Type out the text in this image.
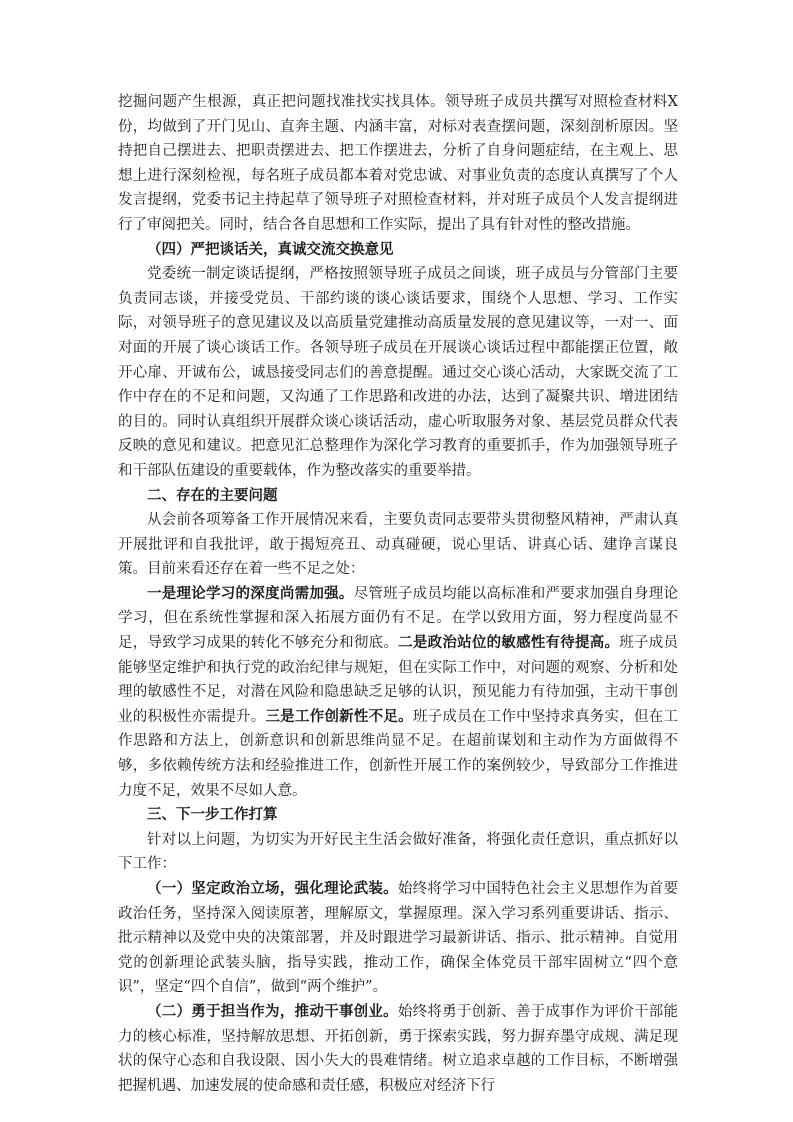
挖掘问题产生根源，真正把问题找准找实找具体。领导班子成员共撰写对照检查材料X份，均做到了开门见山、直奔主题、内涵丰富，对标对表查摆问题，深刻剖析原因。坚持把自己摆进去、把职责摆进去、把工作摆进去，分析了自身问题症结，在主观上、思想上进行深刻检视，每名班子成员都本着对党忠诚、对事业负责的态度认真撰写了个人发言提纲，党委书记主持起草了领导班子对照检查材料，并对班子成员个人发言提纲进行了审阅把关。同时，结合各自思想和工作实际，提出了具有针对性的整改措施。

（四）严把谈话关，真诚交流交换意见

党委统一制定谈话提纲，严格按照领导班子成员之间谈，班子成员与分管部门主要负责同志谈，并接受党员、干部约谈的谈心谈话要求，围绕个人思想、学习、工作实际，对领导班子的意见建议及以高质量党建推动高质量发展的意见建议等，一对一、面对面的开展了谈心谈话工作。各领导班子成员在开展谈心谈话过程中都能摆正位置，敞开心扉、开诚布公，诚恳接受同志们的善意提醒。通过交心谈心活动，大家既交流了工作中存在的不足和问题，又沟通了工作思路和改进的办法，达到了凝聚共识、增进团结的目的。同时认真组织开展群众谈心谈话活动，虚心听取服务对象、基层党员群众代表反映的意见和建议。把意见汇总整理作为深化学习教育的重要抓手，作为加强领导班子和干部队伍建设的重要载体，作为整改落实的重要举措。

二、存在的主要问题

从会前各项筹备工作开展情况来看，主要负责同志要带头贯彻整风精神，严肃认真开展批评和自我批评，敢于揭短亮丑、动真碰硬，说心里话、讲真心话、建诤言谋良策。目前来看还存在着一些不足之处：

一是理论学习的深度尚需加强。尽管班子成员均能以高标准和严要求加强自身理论学习，但在系统性掌握和深入拓展方面仍有不足。在学以致用方面，努力程度尚显不足，导致学习成果的转化不够充分和彻底。二是政治站位的敏感性有待提高。班子成员能够坚定维护和执行党的政治纪律与规矩，但在实际工作中，对问题的观察、分析和处理的敏感性不足，对潜在风险和隐患缺乏足够的认识，预见能力有待加强，主动干事创业的积极性亦需提升。三是工作创新性不足。班子成员在工作中坚持求真务实，但在工作思路和方法上，创新意识和创新思维尚显不足。在超前谋划和主动作为方面做得不够，多依赖传统方法和经验推进工作，创新性开展工作的案例较少，导致部分工作推进力度不足，效果不尽如人意。

三、下一步工作打算

针对以上问题，为切实为开好民主生活会做好准备，将强化责任意识，重点抓好以下工作：

（一）坚定政治立场，强化理论武装。始终将学习中国特色社会主义思想作为首要政治任务，坚持深入阅读原著，理解原文，掌握原理。深入学习系列重要讲话、指示、批示精神以及党中央的决策部署，并及时跟进学习最新讲话、指示、批示精神。自觉用党的创新理论武装头脑，指导实践，推动工作，确保全体党员干部牢固树立“四个意识”，坚定“四个自信”，做到“两个维护”。

（二）勇于担当作为，推动干事创业。始终将勇于创新、善于成事作为评价干部能力的核心标准，坚持解放思想、开拓创新，勇于探索实践，努力摒弃墨守成规、满足现状的保守心态和自我设限、因小失大的畏难情绪。树立追求卓越的工作目标，不断增强把握机遇、加速发展的使命感和责任感，积极应对经济下行
